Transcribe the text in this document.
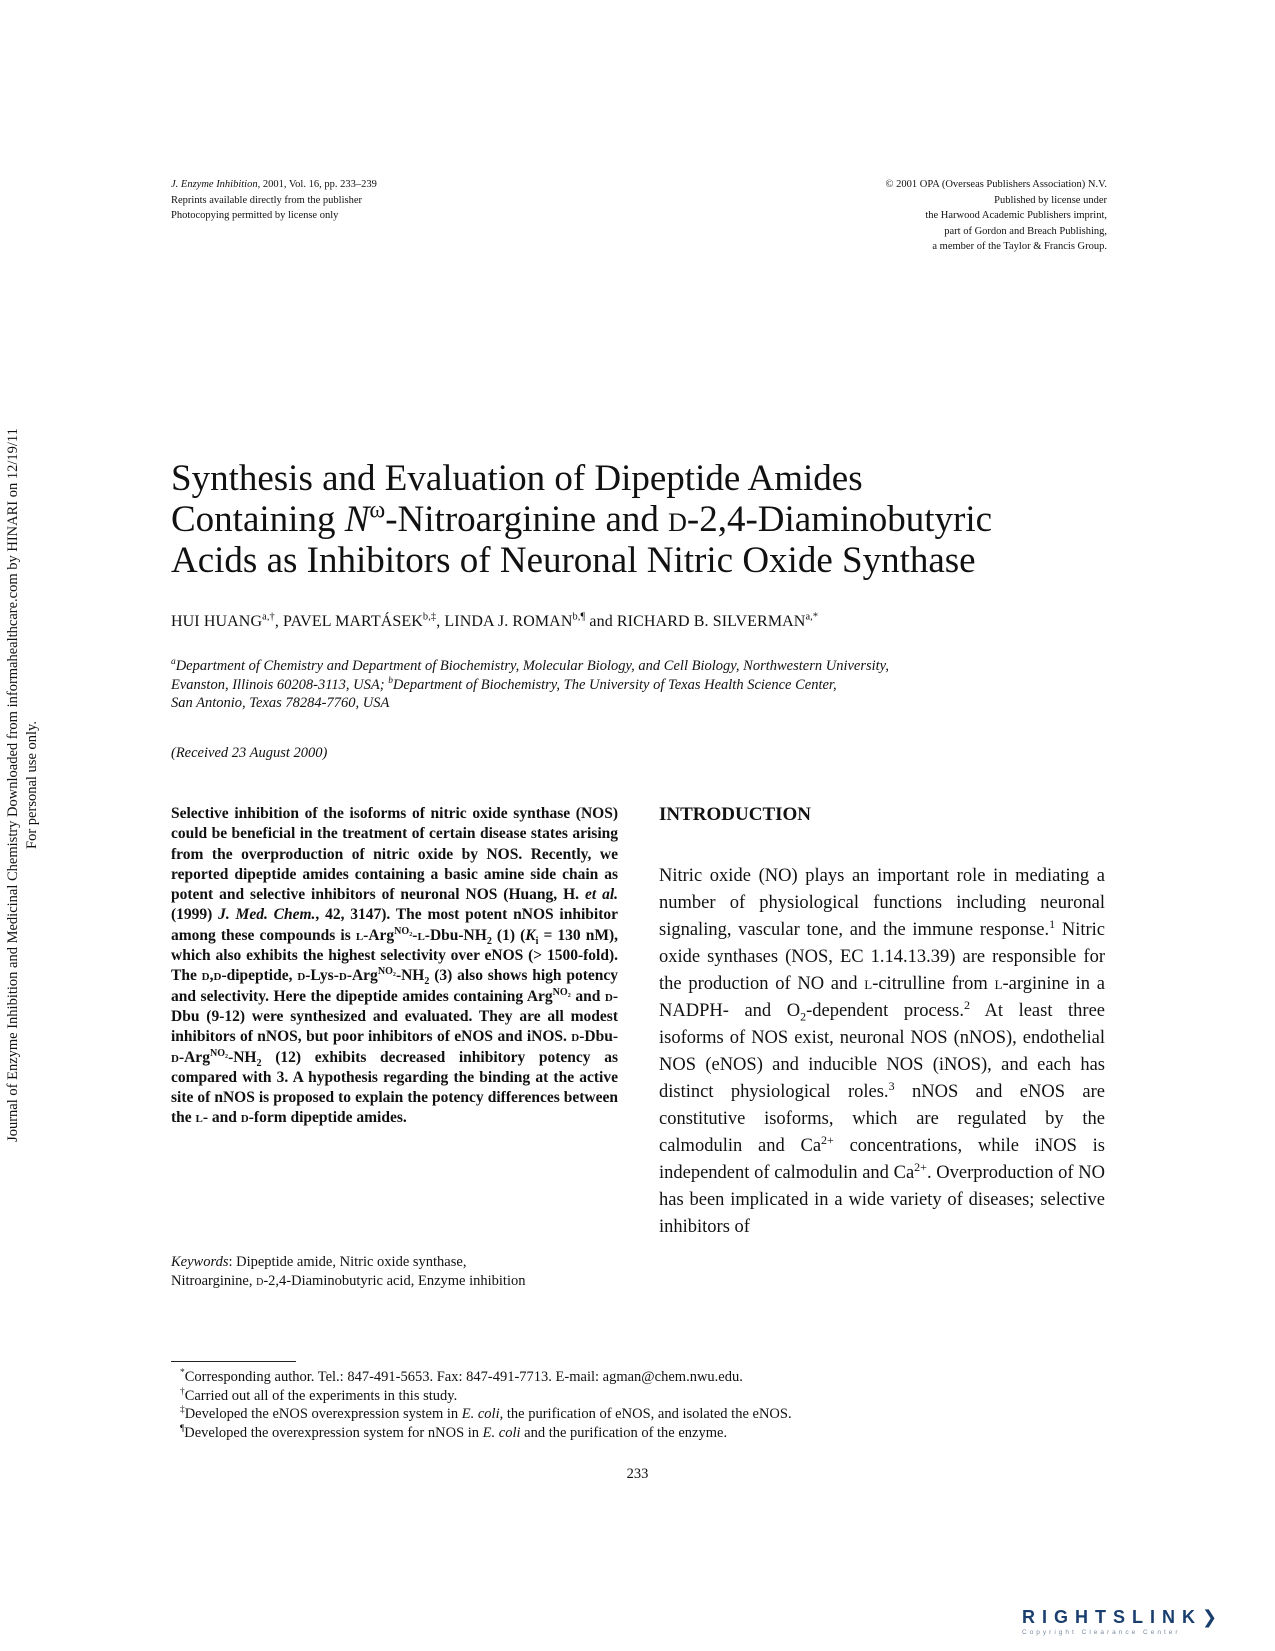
J. Enzyme Inhibition, 2001, Vol. 16, pp. 233–239
Reprints available directly from the publisher
Photocopying permitted by license only
© 2001 OPA (Overseas Publishers Association) N.V.
Published by license under
the Harwood Academic Publishers imprint,
part of Gordon and Breach Publishing,
a member of the Taylor & Francis Group.
Journal of Enzyme Inhibition and Medicinal Chemistry Downloaded from informahealthcare.com by HINARI on 12/19/11 For personal use only.
Synthesis and Evaluation of Dipeptide Amides
Containing $N^\omega$-Nitroarginine and d-2,4-Diaminobutyric
Acids as Inhibitors of Neuronal Nitric Oxide Synthase
HUI $HUANG^{a,\dagger}$, PAVEL $MARTÁSEK^{b,\ddagger}$, LINDA J. $ROMAN^{b,\P}$ and RICHARD B. $SILVERMAN^{a,*}$
$^a$Department of Chemistry and Department of Biochemistry, Molecular Biology, and Cell Biology, Northwestern University,
Evanston, Illinois 60208-3113, USA; $^b$Department of Biochemistry, The University of Texas Health Science Center,
San Antonio, Texas 78284-7760, USA
(Received 23 August 2000)

Selective inhibition of the isoforms of nitric oxide synthase (NOS) could be beneficial in the treatment of certain disease states arising from the overproduction of nitric oxide by NOS. Recently, we reported dipeptide amides containing a basic amine side chain as potent and selective inhibitors of neuronal NOS (Huang, H. et al. (1999) J. Med. Chem., 42, 3147). The most potent nNOS inhibitor among these compounds is $l-Arg^{NO_2}-l-Dbu-NH_2$ (1) ($K_i = 130$ nM), which also exhibits the highest selectivity over eNOS (> 1500-fold). The d,d-dipeptide, $d-Lys-d-Arg^{NO_2}-NH_2$ (3) also shows high potency and selectivity. Here the dipeptide amides containing Arg$^{NO_2}$ and d-Dbu (9-12) were synthesized and evaluated. They are all modest inhibitors of nNOS, but poor inhibitors of eNOS and iNOS. $d-Dbu-d-Arg^{NO_2}-NH_2$ (12) exhibits decreased inhibitory potency as compared with 3. A hypothesis regarding the binding at the active site of nNOS is proposed to explain the potency differences between the l- and d-form dipeptide amides.

Keywords: Dipeptide amide, Nitric oxide synthase,
Nitroarginine, d-2,4-Diaminobutyric acid, Enzyme inhibition
INTRODUCTION

Nitric oxide (NO) plays an important role in mediating a number of physiological functions including neuronal signaling, vascular tone, and the immune response.$^1$ Nitric oxide synthases (NOS, EC 1.14.13.39) are responsible for the production of NO and l-citrulline from l-arginine in a NADPH- and $O_2$-dependent process.$^2$ At least three isoforms of NOS exist, neuronal NOS (nNOS), endothelial NOS (eNOS) and inducible NOS (iNOS), and each has distinct physiological roles.$^3$ nNOS and eNOS are constitutive isoforms, which are regulated by the calmodulin and $Ca^{2+}$ concentrations, while iNOS is independent of calmodulin and $Ca^{2+}$. Overproduction of NO has been implicated in a wide variety of diseases; selective inhibitors of

*Corresponding author. Tel.: 847-491-5653. Fax: 847-491-7713. E-mail: agman@chem.nwu.edu.
†Carried out all of the experiments in this study.
‡Developed the eNOS overexpression system in E. coli, the purification of eNOS, and isolated the eNOS.
¶Developed the overexpression system for nNOS in E. coli and the purification of the enzyme.
233
RIGHTSLINK❯
Copyright Clearance Center
